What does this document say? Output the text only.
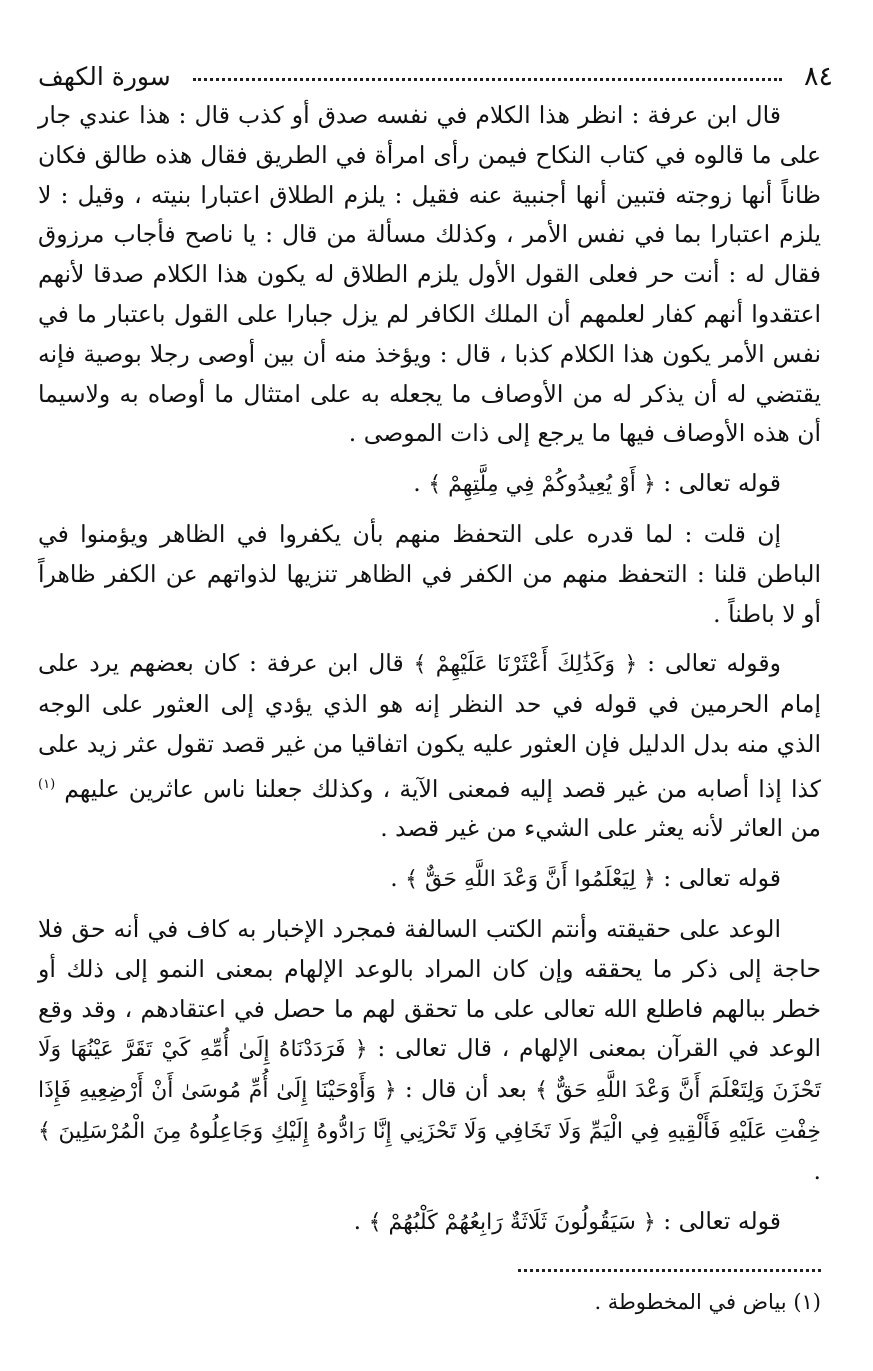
٨٤
سورة الكهف

قال ابن عرفة : انظر هذا الكلام في نفسه صدق أو كذب قال : هذا عندي جار على ما قالوه في كتاب النكاح فيمن رأى امرأة في الطريق فقال هذه طالق فكان ظاناً أنها زوجته فتبين أنها أجنبية عنه فقيل : يلزم الطلاق اعتبارا بنيته ، وقيل : لا يلزم اعتبارا بما في نفس الأمر ، وكذلك مسألة من قال : يا ناصح فأجاب مرزوق فقال له : أنت حر فعلى القول الأول يلزم الطلاق له يكون هذا الكلام صدقا لأنهم اعتقدوا أنهم كفار لعلمهم أن الملك الكافر لم يزل جبارا على القول باعتبار ما في نفس الأمر يكون هذا الكلام كذبا ، قال : ويؤخذ منه أن بين أوصى رجلا بوصية فإنه يقتضي له أن يذكر له من الأوصاف ما يجعله به على امتثال ما أوصاه به ولاسيما أن هذه الأوصاف فيها ما يرجع إلى ذات الموصى .

قوله تعالى : ﴿ أَوْ يُعِيدُوكُمْ فِي مِلَّتِهِمْ ﴾ .

إن قلت : لما قدره على التحفظ منهم بأن يكفروا في الظاهر ويؤمنوا في الباطن قلنا : التحفظ منهم من الكفر في الظاهر تنزيها لذواتهم عن الكفر ظاهراً أو لا باطناً .

وقوله تعالى : ﴿ وَكَذَٰلِكَ أَعْثَرْنَا عَلَيْهِمْ ﴾ قال ابن عرفة : كان بعضهم يرد على إمام الحرمين في قوله في حد النظر إنه هو الذي يؤدي إلى العثور على الوجه الذي منه بدل الدليل فإن العثور عليه يكون اتفاقيا من غير قصد تقول عثر زيد على كذا إذا أصابه من غير قصد إليه فمعنى الآية ، وكذلك جعلنا ناس عاثرين عليهم $^{(١)}$ من العاثر لأنه يعثر على الشيء من غير قصد .

قوله تعالى : ﴿ لِيَعْلَمُوا أَنَّ وَعْدَ اللَّهِ حَقٌّ ﴾ .

الوعد على حقيقته وأنتم الكتب السالفة فمجرد الإخبار به كاف في أنه حق فلا حاجة إلى ذكر ما يحققه وإن كان المراد بالوعد الإلهام بمعنى النمو إلى ذلك أو خطر ببالهم فاطلع الله تعالى على ما تحقق لهم ما حصل في اعتقادهم ، وقد وقع الوعد في القرآن بمعنى الإلهام ، قال تعالى : ﴿ فَرَدَدْنَاهُ إِلَىٰ أُمِّهِ كَيْ تَقَرَّ عَيْنُهَا وَلَا تَحْزَنَ وَلِتَعْلَمَ أَنَّ وَعْدَ اللَّهِ حَقٌّ ﴾ بعد أن قال : ﴿ وَأَوْحَيْنَا إِلَىٰ أُمِّ مُوسَىٰ أَنْ أَرْضِعِيهِ فَإِذَا خِفْتِ عَلَيْهِ فَأَلْقِيهِ فِي الْيَمِّ وَلَا تَخَافِي وَلَا تَحْزَنِي إِنَّا رَادُّوهُ إِلَيْكِ وَجَاعِلُوهُ مِنَ الْمُرْسَلِينَ ﴾ .

قوله تعالى : ﴿ سَيَقُولُونَ ثَلَاثَةٌ رَابِعُهُمْ كَلْبُهُمْ ﴾ .

(١) بياض في المخطوطة .
